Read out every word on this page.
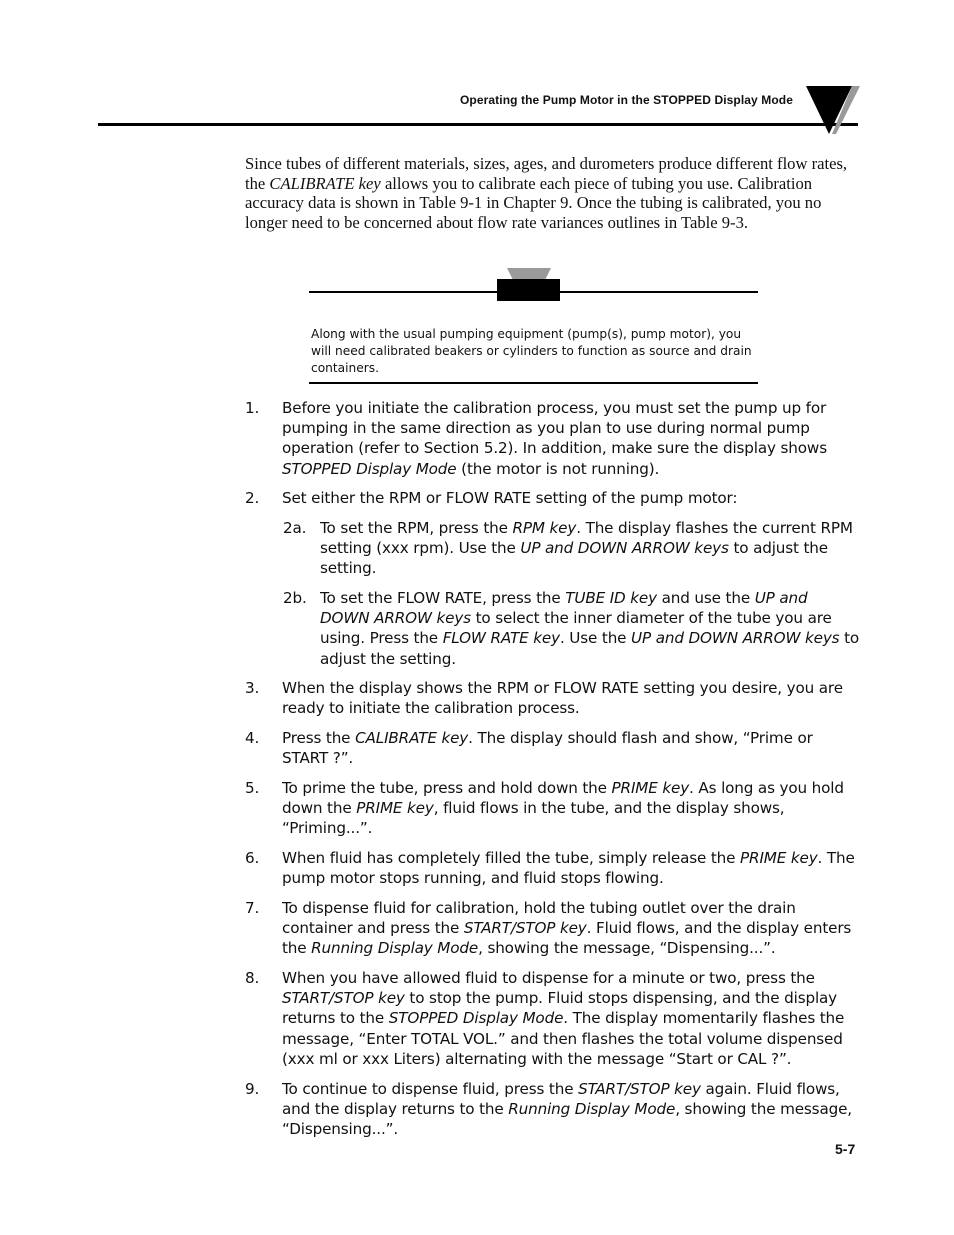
Operating the Pump Motor in the STOPPED Display Mode
Since tubes of different materials, sizes, ages, and durometers produce different flow rates, the CALIBRATE key allows you to calibrate each piece of tubing you use. Calibration accuracy data is shown in Table 9-1 in Chapter 9. Once the tubing is calibrated, you no longer need to be concerned about flow rate variances outlines in Table 9-3.
Along with the usual pumping equipment (pump(s), pump motor), you will need calibrated beakers or cylinders to function as source and drain containers.
1.	Before you initiate the calibration process, you must set the pump up for pumping in the same direction as you plan to use during normal pump operation (refer to Section 5.2). In addition, make sure the display shows STOPPED Display Mode (the motor is not running).
2.	Set either the RPM or FLOW RATE setting of the pump motor:
2a. To set the RPM, press the RPM key. The display flashes the current RPM setting (xxx rpm). Use the UP and DOWN ARROW keys to adjust the setting.
2b. To set the FLOW RATE, press the TUBE ID key and use the UP and DOWN ARROW keys to select the inner diameter of the tube you are using. Press the FLOW RATE key. Use the UP and DOWN ARROW keys to adjust the setting.
3.	When the display shows the RPM or FLOW RATE setting you desire, you are ready to initiate the calibration process.
4.	Press the CALIBRATE key. The display should flash and show, “Prime or START ?”.
5.	To prime the tube, press and hold down the PRIME key. As long as you hold down the PRIME key, fluid flows in the tube, and the display shows, “Priming...”.
6.	When fluid has completely filled the tube, simply release the PRIME key. The pump motor stops running, and fluid stops flowing.
7.	To dispense fluid for calibration, hold the tubing outlet over the drain container and press the START/STOP key. Fluid flows, and the display enters the Running Display Mode, showing the message, “Dispensing...”.
8.	When you have allowed fluid to dispense for a minute or two, press the START/STOP key to stop the pump. Fluid stops dispensing, and the display returns to the STOPPED Display Mode. The display momentarily flashes the message, “Enter TOTAL VOL.” and then flashes the total volume dispensed (xxx ml or xxx Liters) alternating with the message “Start or CAL ?”.
9.	To continue to dispense fluid, press the START/STOP key again. Fluid flows, and the display returns to the Running Display Mode, showing the message, “Dispensing...”.
5-7
